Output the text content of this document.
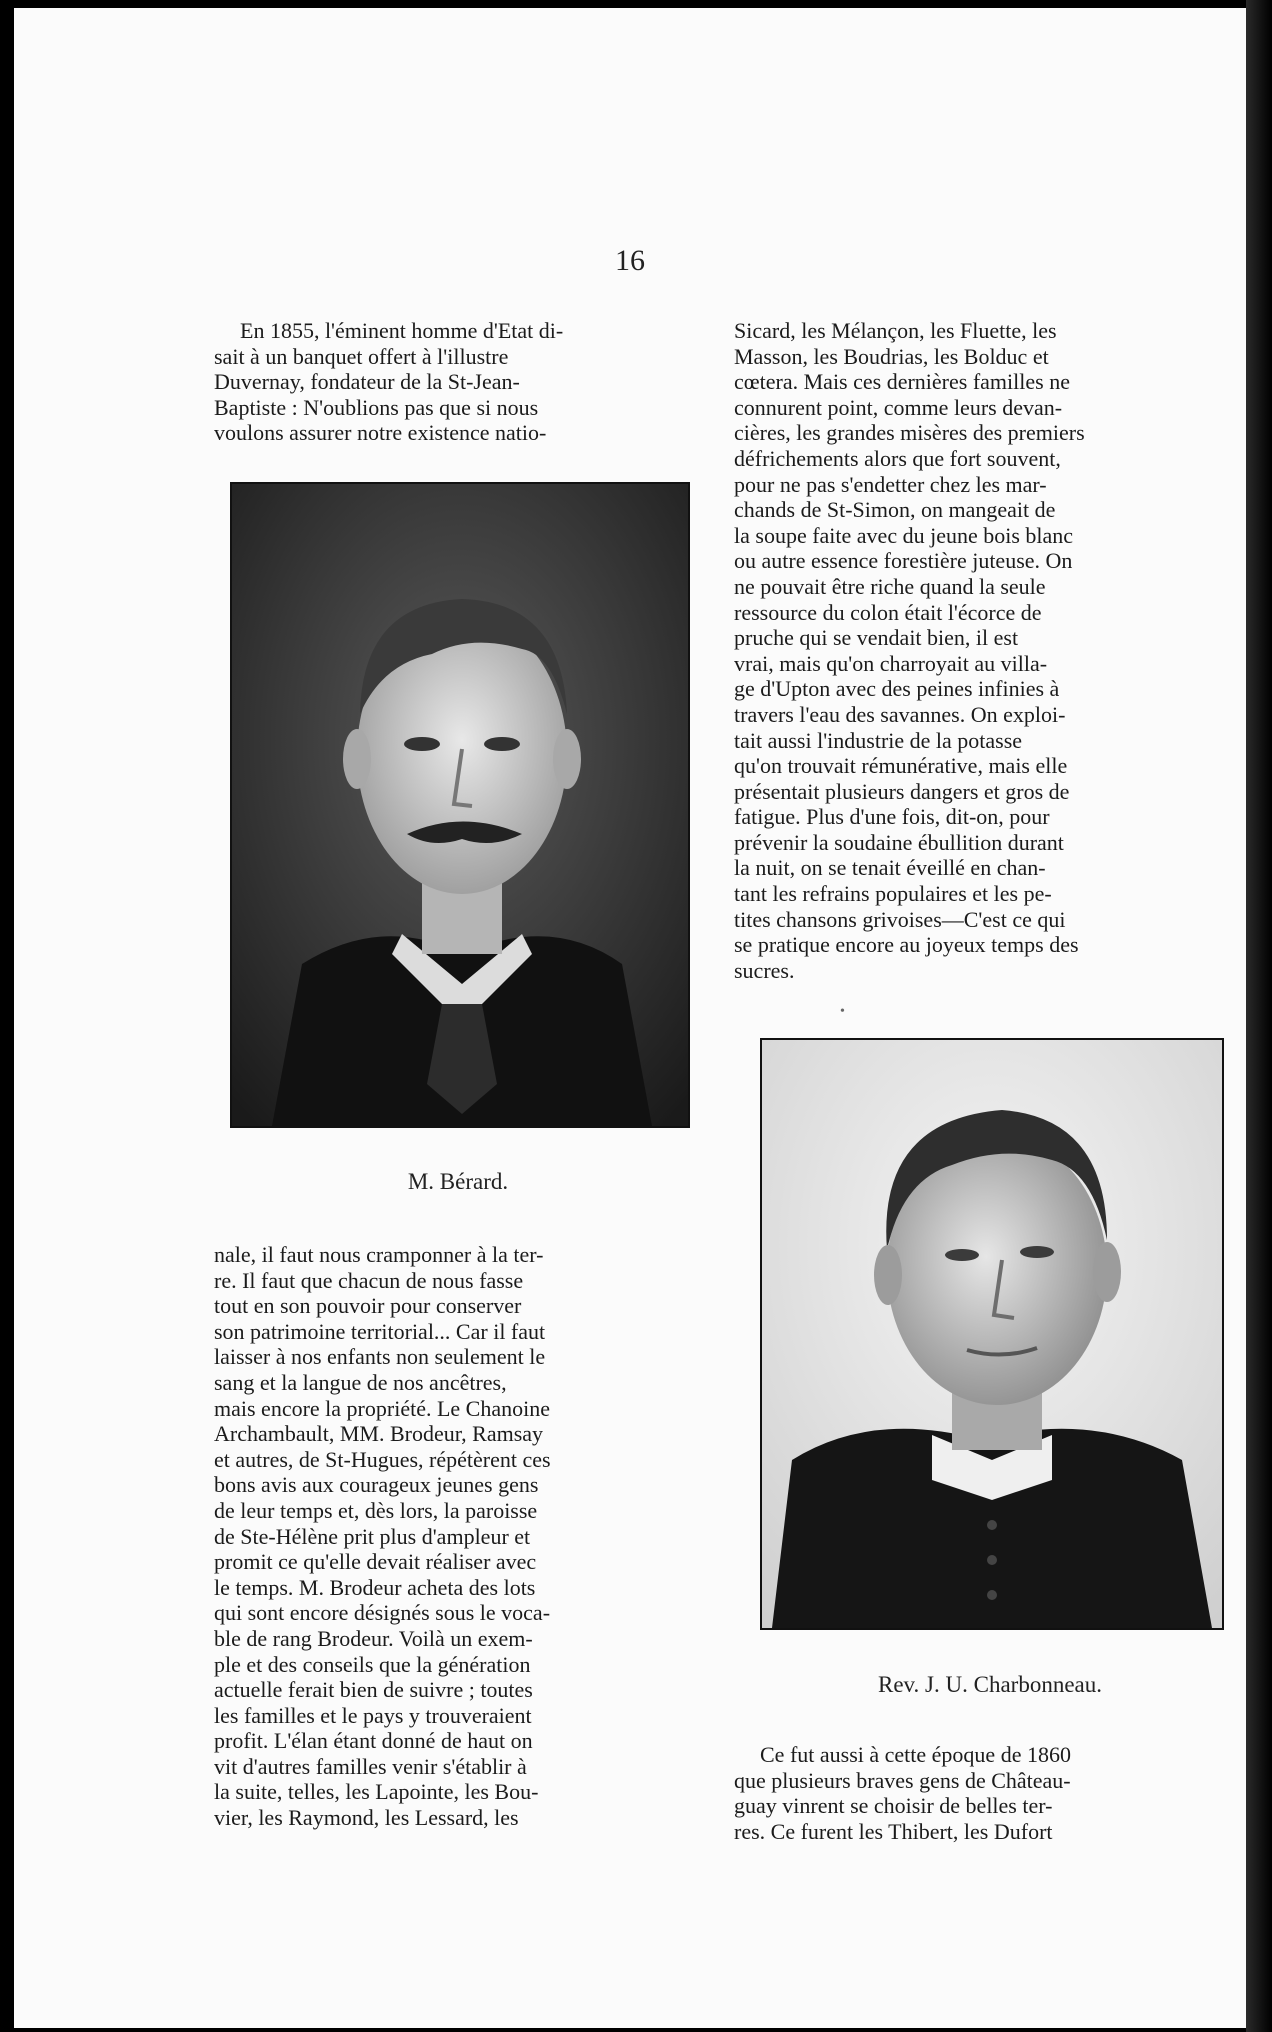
16

En 1855, l'éminent homme d'Etat di-
sait à un banquet offert à l'illustre
Duvernay, fondateur de la St-Jean-
Baptiste : N'oublions pas que si nous
voulons assurer notre existence natio-

M. Bérard.

nale, il faut nous cramponner à la ter-
re. Il faut que chacun de nous fasse
tout en son pouvoir pour conserver
son patrimoine territorial... Car il faut
laisser à nos enfants non seulement le
sang et la langue de nos ancêtres,
mais encore la propriété. Le Chanoine
Archambault, MM. Brodeur, Ramsay
et autres, de St-Hugues, répétèrent ces
bons avis aux courageux jeunes gens
de leur temps et, dès lors, la paroisse
de Ste-Hélène prit plus d'ampleur et
promit ce qu'elle devait réaliser avec
le temps. M. Brodeur acheta des lots
qui sont encore désignés sous le voca-
ble de rang Brodeur. Voilà un exem-
ple et des conseils que la génération
actuelle ferait bien de suivre ; toutes
les familles et le pays y trouveraient
profit. L'élan étant donné de haut on
vit d'autres familles venir s'établir à
la suite, telles, les Lapointe, les Bou-
vier, les Raymond, les Lessard, les

Sicard, les Mélançon, les Fluette, les
Masson, les Boudrias, les Bolduc et
cœtera. Mais ces dernières familles ne
connurent point, comme leurs devan-
cières, les grandes misères des premiers
défrichements alors que fort souvent,
pour ne pas s'endetter chez les mar-
chands de St-Simon, on mangeait de
la soupe faite avec du jeune bois blanc
ou autre essence forestière juteuse. On
ne pouvait être riche quand la seule
ressource du colon était l'écorce de
pruche qui se vendait bien, il est
vrai, mais qu'on charroyait au villa-
ge d'Upton avec des peines infinies à
travers l'eau des savannes. On exploi-
tait aussi l'industrie de la potasse
qu'on trouvait rémunérative, mais elle
présentait plusieurs dangers et gros de
fatigue. Plus d'une fois, dit-on, pour
prévenir la soudaine ébullition durant
la nuit, on se tenait éveillé en chan-
tant les refrains populaires et les pe-
tites chansons grivoises—C'est ce qui
se pratique encore au joyeux temps des
sucres.

•
Rev. J. U. Charbonneau.

Ce fut aussi à cette époque de 1860
que plusieurs braves gens de Château-
guay vinrent se choisir de belles ter-
res. Ce furent les Thibert, les Dufort
